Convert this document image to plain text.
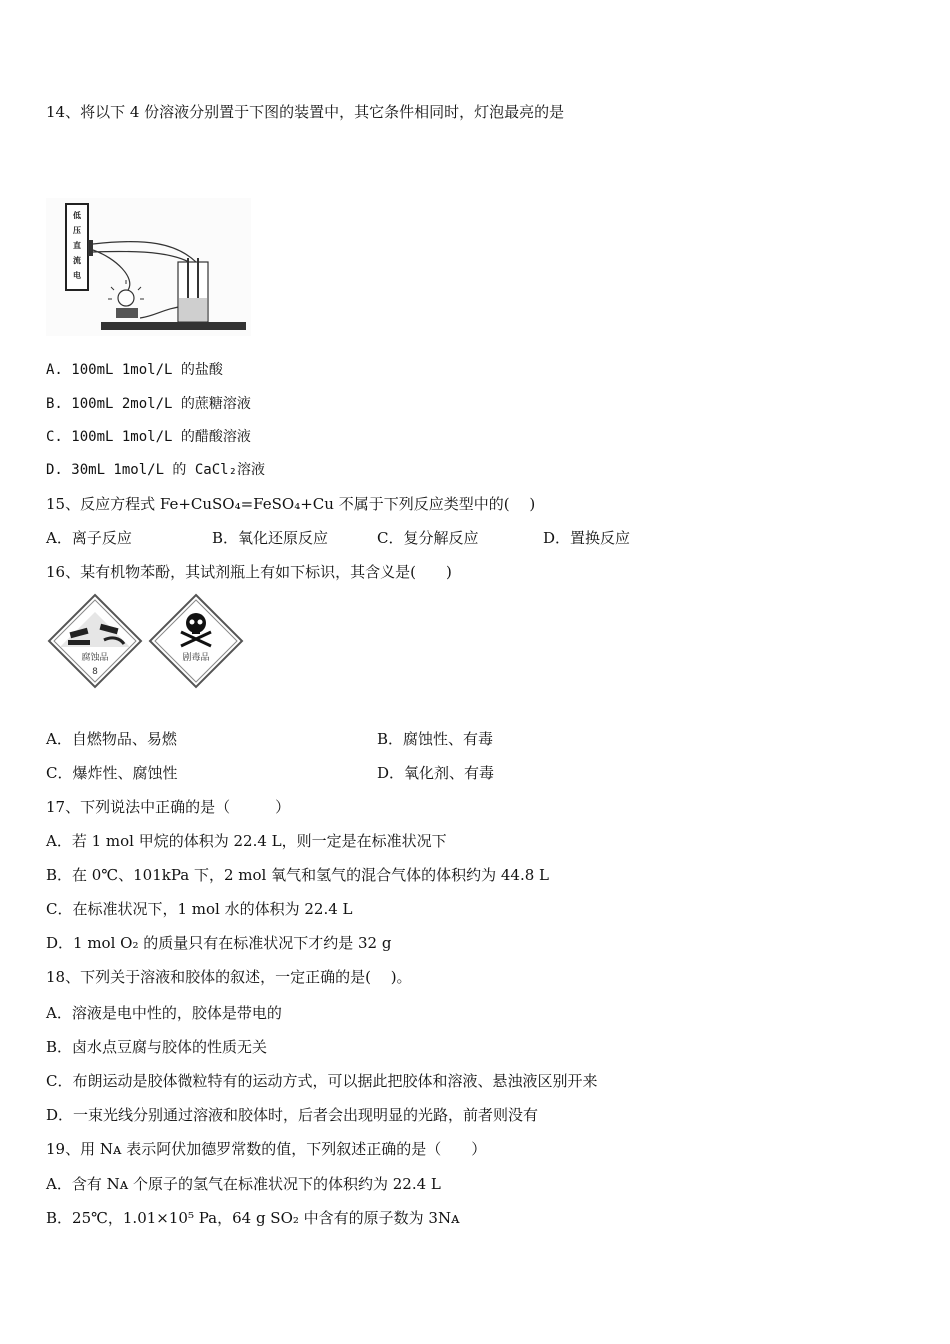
14、将以下 4 份溶液分别置于下图的装置中，其它条件相同时，灯泡最亮的是
低
压
直
流
电
A. 100mL 1mol/L 的盐酸
B. 100mL 2mol/L 的蔗糖溶液
C. 100mL 1mol/L 的醋酸溶液
D. 30mL 1mol/L 的 CaCl₂溶液
15、反应方程式 Fe+CuSO₄=FeSO₄+Cu 不属于下列反应类型中的(　 )
A．离子反应	B．氧化还原反应	C．复分解反应	D．置换反应
16、某有机物苯酚，其试剂瓶上有如下标识，其含义是(　　)
腐蚀品
8
剧毒品
A．自燃物品、易燃	B．腐蚀性、有毒
C．爆炸性、腐蚀性	D．氧化剂、有毒
17、下列说法中正确的是（　　　）
A．若 1 mol 甲烷的体积为 22.4 L，则一定是在标准状况下
B．在 0℃、101kPa 下，2 mol 氧气和氢气的混合气体的体积约为 44.8 L
C．在标准状况下，1 mol 水的体积为 22.4 L
D．1 mol O₂ 的质量只有在标准状况下才约是 32 g
18、下列关于溶液和胶体的叙述，一定正确的是(　 )。
A．溶液是电中性的，胶体是带电的
B．卤水点豆腐与胶体的性质无关
C．布朗运动是胶体微粒特有的运动方式，可以据此把胶体和溶液、悬浊液区别开来
D．一束光线分别通过溶液和胶体时，后者会出现明显的光路，前者则没有
19、用 Nᴀ 表示阿伏加德罗常数的值，下列叙述正确的是（　　）
A．含有 Nᴀ 个原子的氢气在标准状况下的体积约为 22.4 L
B．25℃，1.01×10⁵ Pa，64 g SO₂ 中含有的原子数为 3Nᴀ
